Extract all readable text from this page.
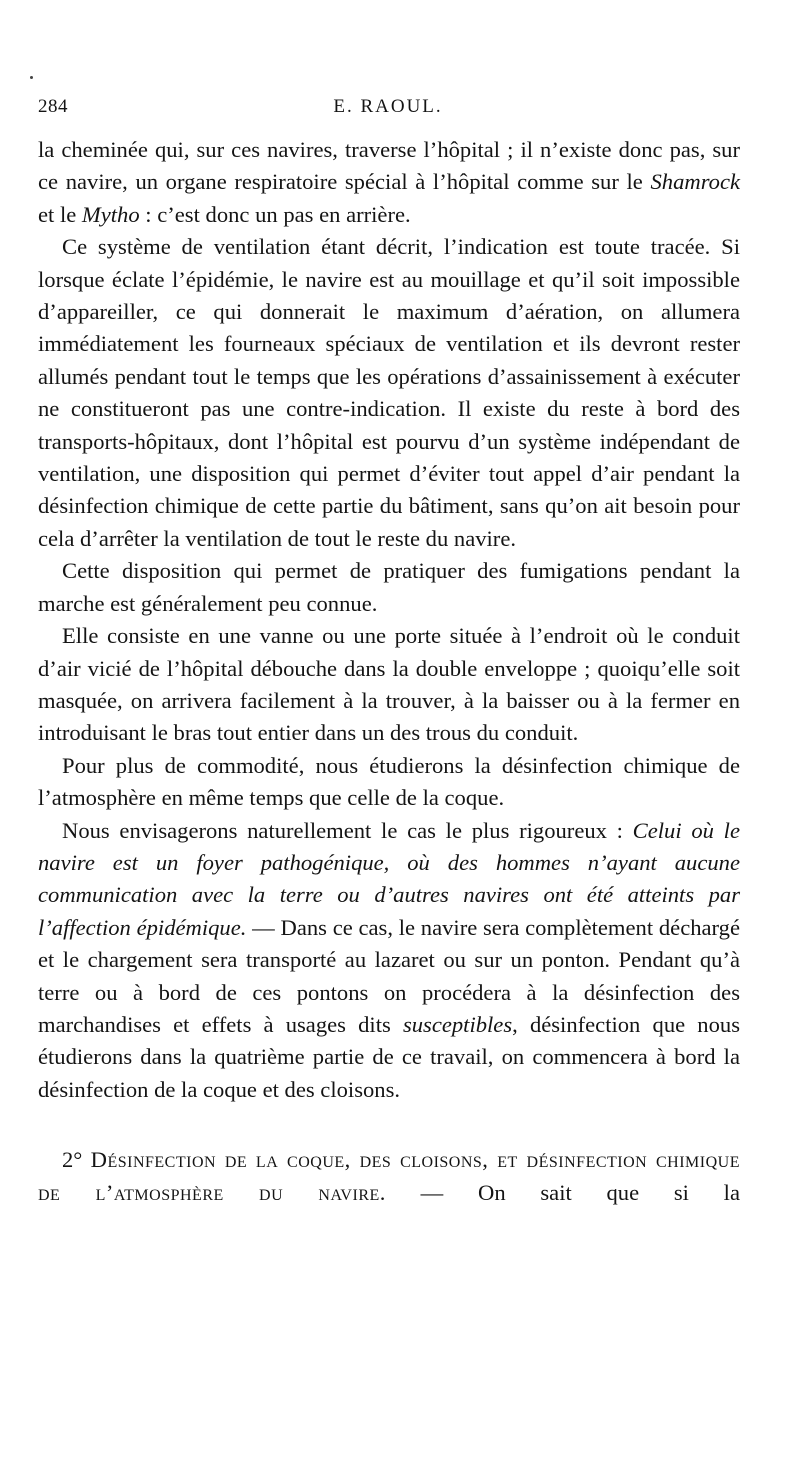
284	E. RAOUL.

la cheminée qui, sur ces navires, traverse l’hôpital ; il n’existe donc pas, sur ce navire, un organe respiratoire spécial à l’hôpital comme sur le Shamrock et le Mytho : c’est donc un pas en arrière.

Ce système de ventilation étant décrit, l’indication est toute tracée. Si lorsque éclate l’épidémie, le navire est au mouillage et qu’il soit impossible d’appareiller, ce qui donnerait le maximum d’aération, on allumera immédiatement les fourneaux spéciaux de ventilation et ils devront rester allumés pendant tout le temps que les opérations d’assainissement à exécuter ne constitueront pas une contre-indication. Il existe du reste à bord des transports-hôpitaux, dont l’hôpital est pourvu d’un système indépendant de ventilation, une disposition qui permet d’éviter tout appel d’air pendant la désinfection chimique de cette partie du bâtiment, sans qu’on ait besoin pour cela d’arrêter la ventilation de tout le reste du navire.

Cette disposition qui permet de pratiquer des fumigations pendant la marche est généralement peu connue.

Elle consiste en une vanne ou une porte située à l’endroit où le conduit d’air vicié de l’hôpital débouche dans la double enveloppe ; quoiqu’elle soit masquée, on arrivera facilement à la trouver, à la baisser ou à la fermer en introduisant le bras tout entier dans un des trous du conduit.

Pour plus de commodité, nous étudierons la désinfection chimique de l’atmosphère en même temps que celle de la coque.

Nous envisagerons naturellement le cas le plus rigoureux : Celui où le navire est un foyer pathogénique, où des hommes n’ayant aucune communication avec la terre ou d’autres navires ont été atteints par l’affection épidémique. — Dans ce cas, le navire sera complètement déchargé et le chargement sera transporté au lazaret ou sur un ponton. Pendant qu’à terre ou à bord de ces pontons on procédera à la désinfection des marchandises et effets à usages dits susceptibles, désinfection que nous étudierons dans la quatrième partie de ce travail, on commencera à bord la désinfection de la coque et des cloisons.

2° Désinfection de la coque, des cloisons, et désinfection chimique de l’atmosphère du navire. — On sait que si la
